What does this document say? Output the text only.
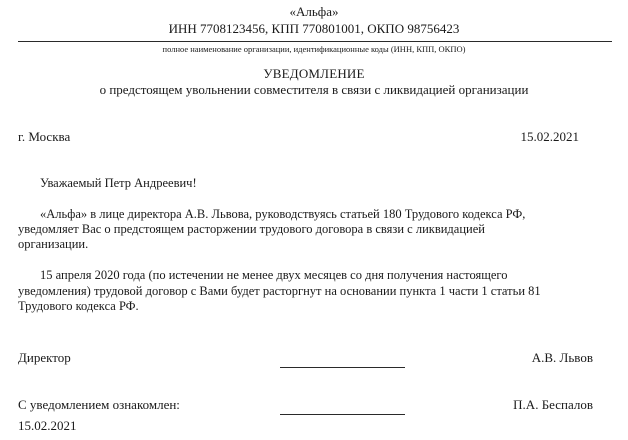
«Альфа»
ИНН 7708123456, КПП 770801001, ОКПО 98756423
полное наименование организации, идентификационные коды (ИНН, КПП, ОКПО)
УВЕДОМЛЕНИЕ
о предстоящем увольнении совместителя в связи с ликвидацией организации
г. Москва	15.02.2021
Уважаемый Петр Андреевич!
«Альфа» в лице директора А.В. Львова, руководствуясь статьей 180 Трудового кодекса РФ,
уведомляет Вас о предстоящем расторжении трудового договора в связи с ликвидацией
организации.
15 апреля 2020 года (по истечении не менее двух месяцев со дня получения настоящего
уведомления) трудовой договор с Вами будет расторгнут на основании пункта 1 части 1 статьи 81
Трудового кодекса РФ.
Директор	А.В. Львов
С уведомлением ознакомлен:	П.А. Беспалов
15.02.2021
